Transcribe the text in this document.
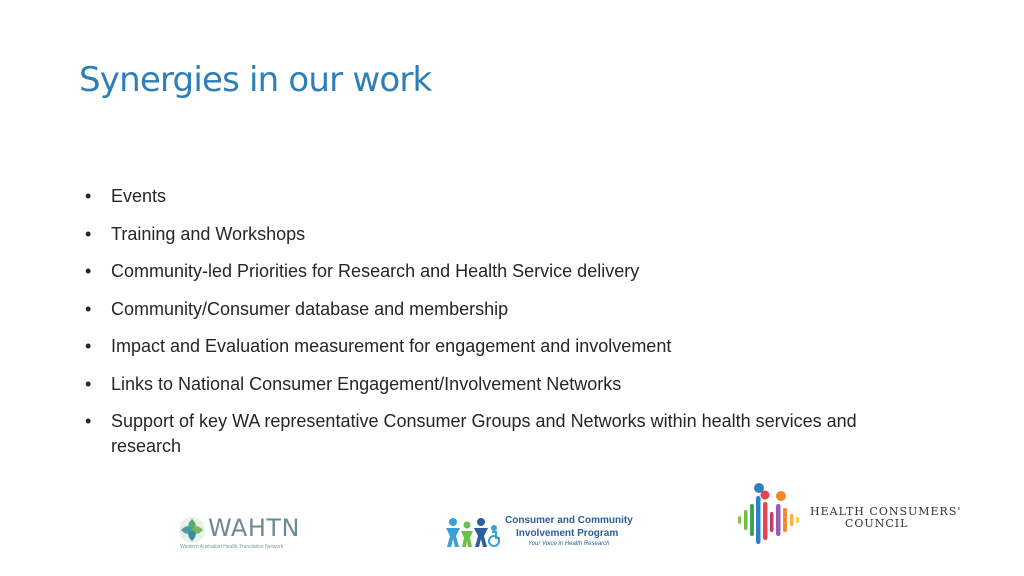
Synergies in our work
• Events
• Training and Workshops
• Community-led Priorities for Research and Health Service delivery
• Community/Consumer database and membership
• Impact and Evaluation measurement for engagement and involvement
• Links to National Consumer Engagement/Involvement Networks
• Support of key WA representative Consumer Groups and Networks within health services and research
WAHTN
Western Australian Health Translation Network
Consumer and Community
Involvement Program
Your Voice in Health Research
HEALTH CONSUMERS'
COUNCIL
